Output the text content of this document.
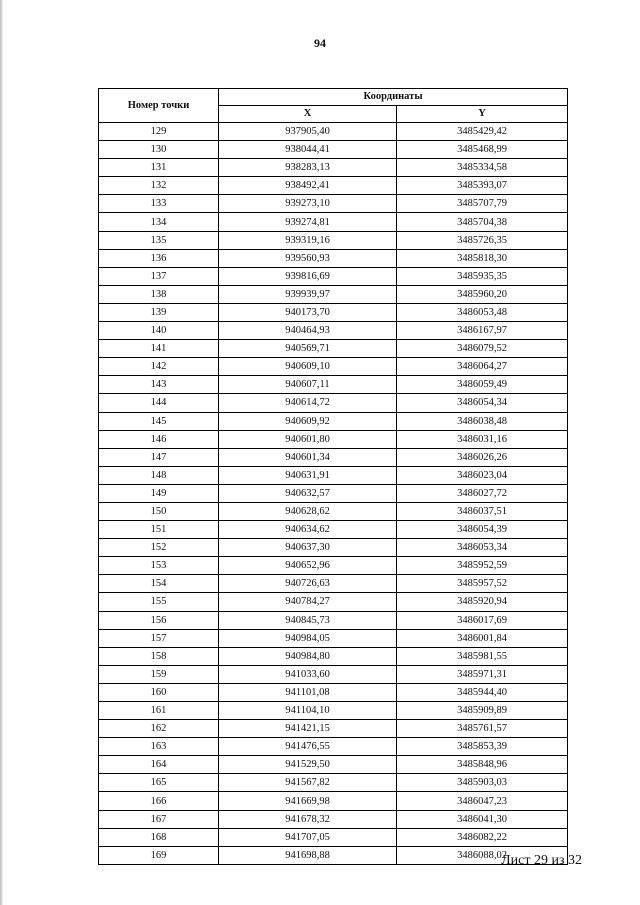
94
Номер точки	Координаты	
	X	Y
129	937905,40	3485429,42
130	938044,41	3485468,99
131	938283,13	3485334,58
132	938492,41	3485393,07
133	939273,10	3485707,79
134	939274,81	3485704,38
135	939319,16	3485726,35
136	939560,93	3485818,30
137	939816,69	3485935,35
138	939939,97	3485960,20
139	940173,70	3486053,48
140	940464,93	3486167,97
141	940569,71	3486079,52
142	940609,10	3486064,27
143	940607,11	3486059,49
144	940614,72	3486054,34
145	940609,92	3486038,48
146	940601,80	3486031,16
147	940601,34	3486026,26
148	940631,91	3486023,04
149	940632,57	3486027,72
150	940628,62	3486037,51
151	940634,62	3486054,39
152	940637,30	3486053,34
153	940652,96	3485952,59
154	940726,63	3485957,52
155	940784,27	3485920,94
156	940845,73	3486017,69
157	940984,05	3486001,84
158	940984,80	3485981,55
159	941033,60	3485971,31
160	941101,08	3485944,40
161	941104,10	3485909,89
162	941421,15	3485761,57
163	941476,55	3485853,39
164	941529,50	3485848,96
165	941567,82	3485903,03
166	941669,98	3486047,23
167	941678,32	3486041,30
168	941707,05	3486082,22
169	941698,88	3486088,02
Лист 29 из 32
